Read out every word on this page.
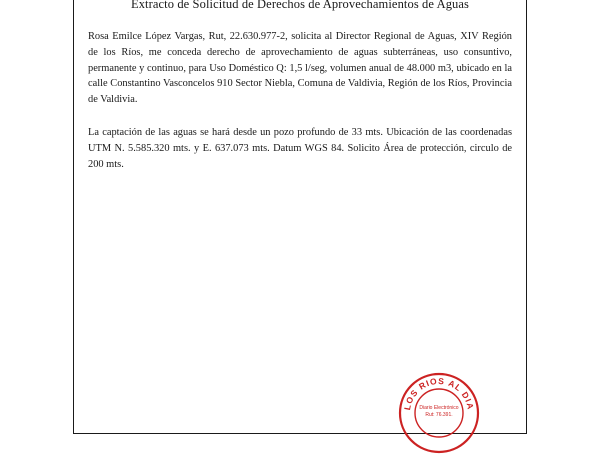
Extracto de Solicitud de Derechos de Aprovechamientos de Aguas

Rosa Emilce López Vargas, Rut, 22.630.977-2, solicita al Director Regional de Aguas, XIV Región de los Ríos, me conceda derecho de aprovechamiento de aguas subterráneas, uso consuntivo, permanente y continuo, para Uso Doméstico Q: 1,5 l/seg, volumen anual de 48.000 m3, ubicado en la calle Constantino Vasconcelos 910 Sector Niebla, Comuna de Valdivia, Región de los Ríos, Provincia de Valdivia.

La captación de las aguas se hará desde un pozo profundo de 33 mts. Ubicación de las coordenadas UTM N. 5.585.320 mts. y E. 637.073 mts. Datum WGS 84. Solicito Área de protección, circulo de 200 mts.

LOS RIOS AL DIA
Diario Electrónico
Rut: 76.391.
